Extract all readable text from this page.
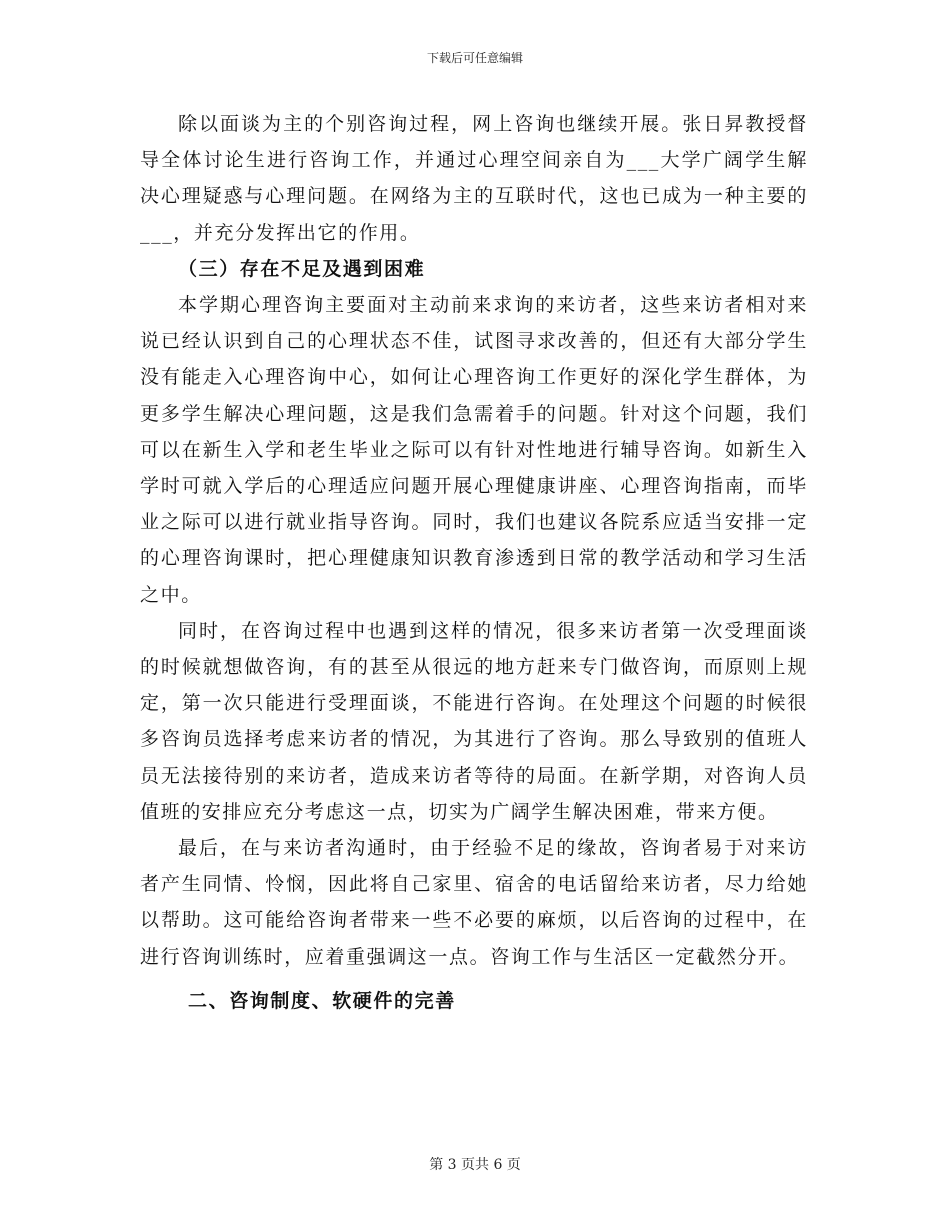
下载后可任意编辑

除以面谈为主的个别咨询过程，网上咨询也继续开展。张日昇教授督导全体讨论生进行咨询工作，并通过心理空间亲自为___大学广阔学生解决心理疑惑与心理问题。在网络为主的互联时代，这也已成为一种主要的___，并充分发挥出它的作用。

（三）存在不足及遇到困难

本学期心理咨询主要面对主动前来求询的来访者，这些来访者相对来说已经认识到自己的心理状态不佳，试图寻求改善的，但还有大部分学生没有能走入心理咨询中心，如何让心理咨询工作更好的深化学生群体，为更多学生解决心理问题，这是我们急需着手的问题。针对这个问题，我们可以在新生入学和老生毕业之际可以有针对性地进行辅导咨询。如新生入学时可就入学后的心理适应问题开展心理健康讲座、心理咨询指南，而毕业之际可以进行就业指导咨询。同时，我们也建议各院系应适当安排一定的心理咨询课时，把心理健康知识教育渗透到日常的教学活动和学习生活之中。

同时，在咨询过程中也遇到这样的情况，很多来访者第一次受理面谈的时候就想做咨询，有的甚至从很远的地方赶来专门做咨询，而原则上规定，第一次只能进行受理面谈，不能进行咨询。在处理这个问题的时候很多咨询员选择考虑来访者的情况，为其进行了咨询。那么导致别的值班人员无法接待别的来访者，造成来访者等待的局面。在新学期，对咨询人员值班的安排应充分考虑这一点，切实为广阔学生解决困难，带来方便。

最后，在与来访者沟通时，由于经验不足的缘故，咨询者易于对来访者产生同情、怜悯，因此将自己家里、宿舍的电话留给来访者，尽力给她以帮助。这可能给咨询者带来一些不必要的麻烦，以后咨询的过程中，在进行咨询训练时，应着重强调这一点。咨询工作与生活区一定截然分开。

二、咨询制度、软硬件的完善

第 3 页共 6 页
